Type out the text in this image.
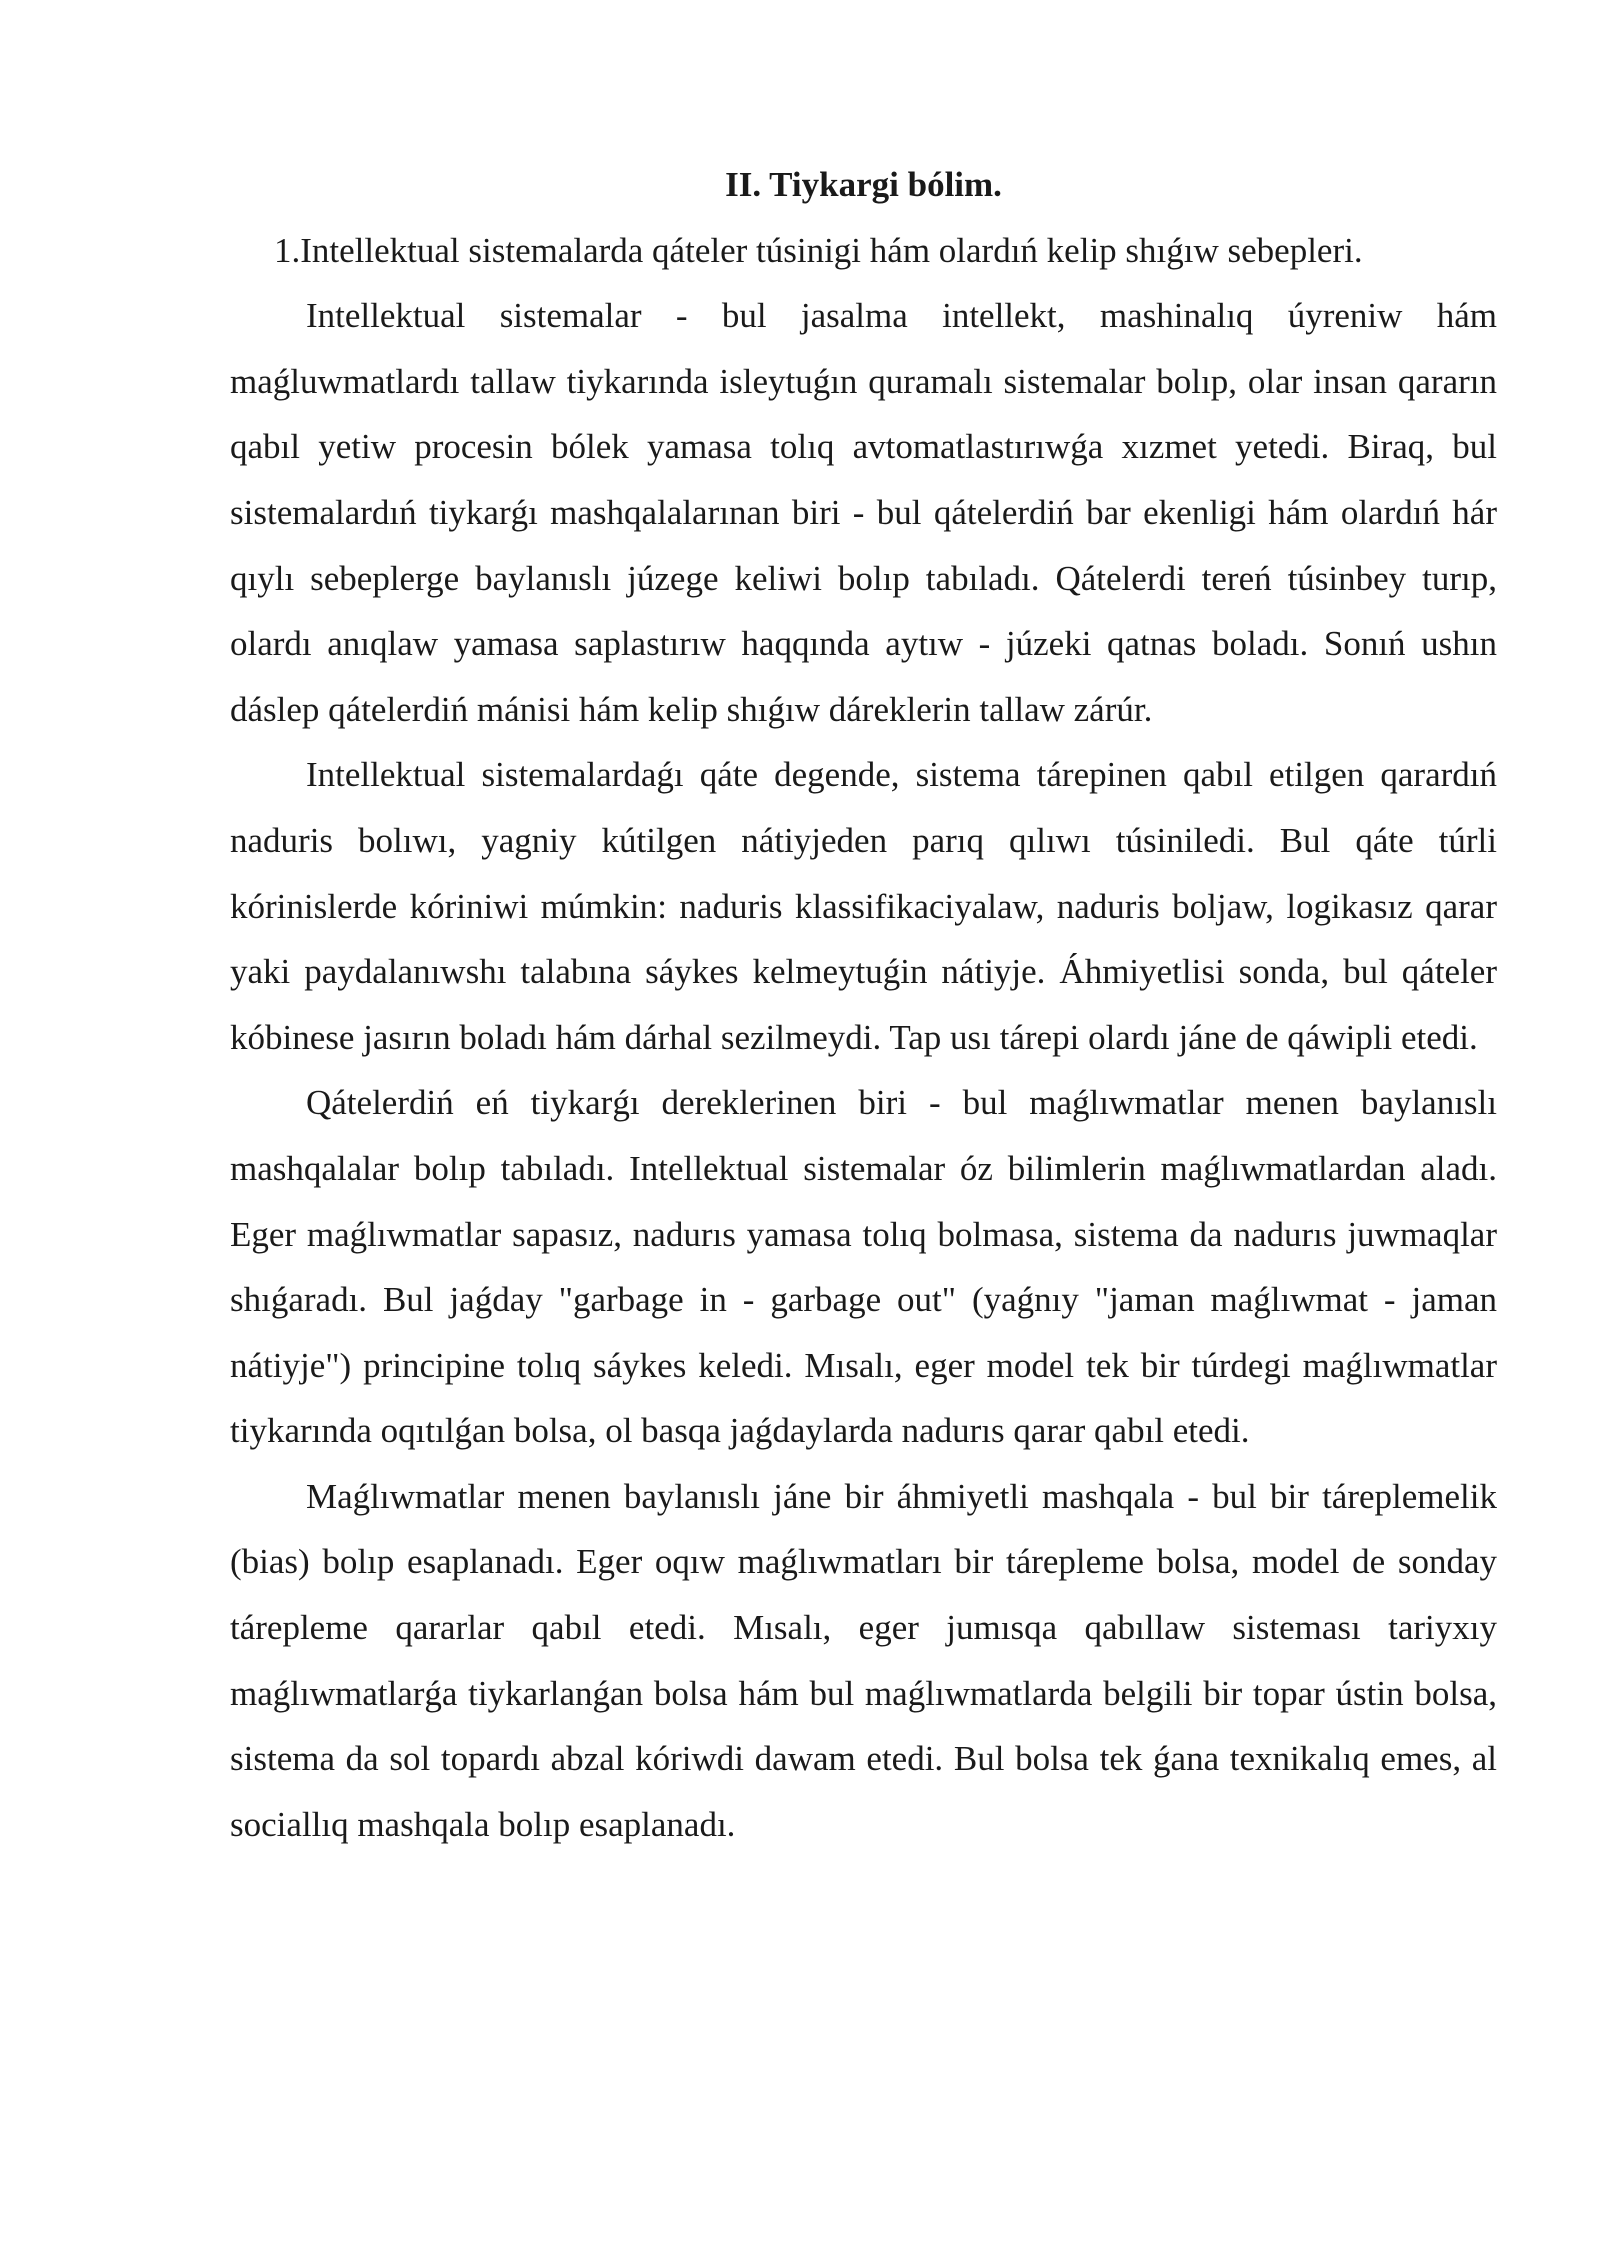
II. Tiykargi bólim.

1.Intellektual sistemalarda qáteler túsinigi hám olardıń kelip shıǵıw sebepleri.

Intellektual sistemalar - bul jasalma intellekt, mashinalıq úyreniw hám maǵluwmatlardı tallaw tiykarında isleytuǵın quramalı sistemalar bolıp, olar insan qararın qabıl yetiw procesin bólek yamasa tolıq avtomatlastırıwǵa xızmet yetedi. Biraq, bul sistemalardıń tiykarǵı mashqalalarınan biri - bul qátelerdiń bar ekenligi hám olardıń hár qıylı sebeplerge baylanıslı júzege keliwi bolıp tabıladı. Qátelerdi tereń túsinbey turıp, olardı anıqlaw yamasa saplastırıw haqqında aytıw - júzeki qatnas boladı. Sonıń ushın dáslep qátelerdiń mánisi hám kelip shıǵıw dáreklerin tallaw zárúr.

Intellektual sistemalardaǵı qáte degende, sistema tárepinen qabıl etilgen qarardıń naduris bolıwı, yagniy kútilgen nátiyjeden parıq qılıwı túsiniledi. Bul qáte túrli kórinislerde kóriniwi múmkin: naduris klassifikaciyalaw, naduris boljaw, logikasız qarar yaki paydalanıwshı talabına sáykes kelmeytuǵin nátiyje. Áhmiyetlisi sonda, bul qáteler kóbinese jasırın boladı hám dárhal sezilmeydi. Tap usı tárepi olardı jáne de qáwipli etedi.

Qátelerdiń eń tiykarǵı dereklerinen biri - bul maǵlıwmatlar menen baylanıslı mashqalalar bolıp tabıladı. Intellektual sistemalar óz bilimlerin maǵlıwmatlardan aladı. Eger maǵlıwmatlar sapasız, nadurıs yamasa tolıq bolmasa, sistema da nadurıs juwmaqlar shıǵaradı. Bul jaǵday "garbage in - garbage out" (yaǵnıy "jaman maǵlıwmat - jaman nátiyje") principine tolıq sáykes keledi. Mısalı, eger model tek bir túrdegi maǵlıwmatlar tiykarında oqıtılǵan bolsa, ol basqa jaǵdaylarda nadurıs qarar qabıl etedi.

Maǵlıwmatlar menen baylanıslı jáne bir áhmiyetli mashqala - bul bir táreplemelik (bias) bolıp esaplanadı. Eger oqıw maǵlıwmatları bir tárepleme bolsa, model de sonday tárepleme qararlar qabıl etedi. Mısalı, eger jumısqa qabıllaw sisteması tariyxıy maǵlıwmatlarǵa tiykarlanǵan bolsa hám bul maǵlıwmatlarda belgili bir topar ústin bolsa, sistema da sol topardı abzal kóriwdi dawam etedi. Bul bolsa tek ǵana texnikalıq emes, al sociallıq mashqala bolıp esaplanadı.
